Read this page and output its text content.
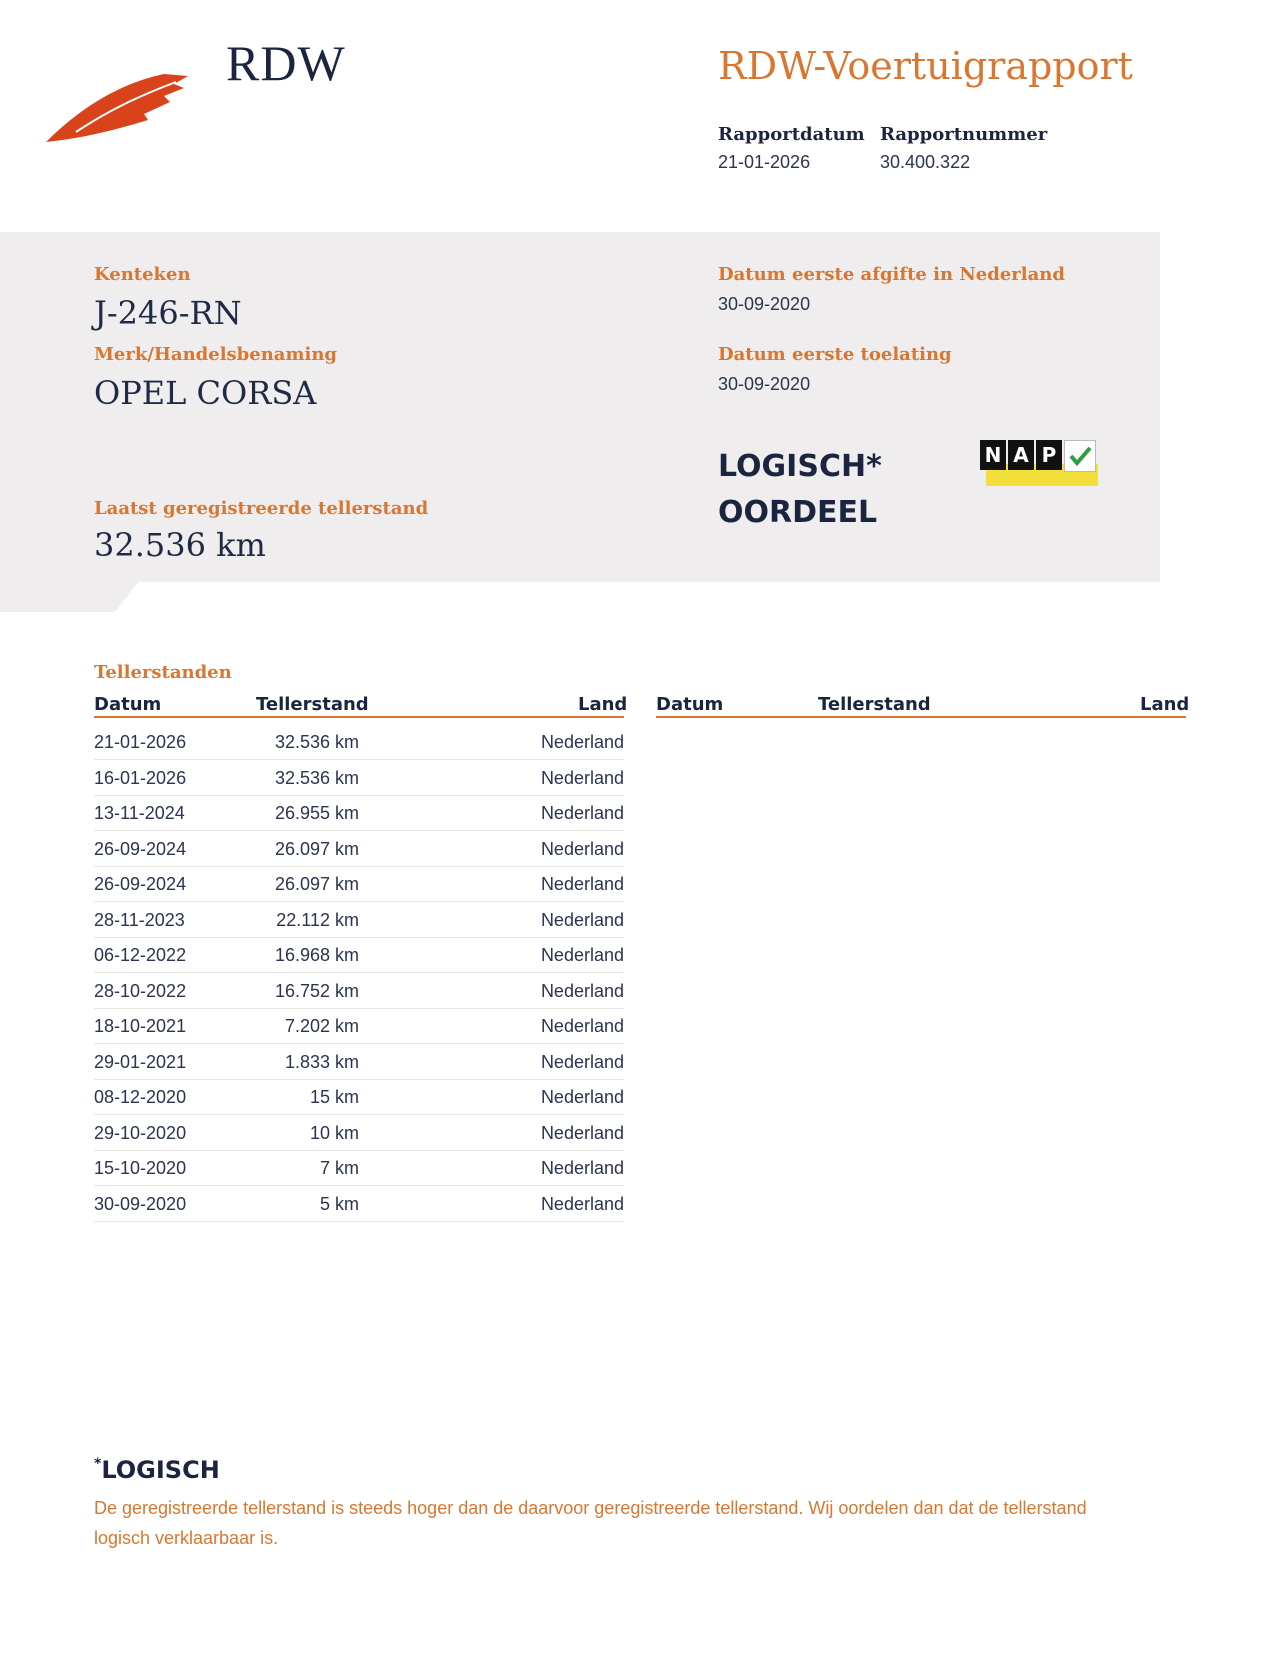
RDW	RDW-Voertuigrapport
Rapportdatum
21-01-2026
Rapportnummer
30.400.322
Kenteken
J-246-RN
Merk/Handelsbenaming
OPEL CORSA
Laatst geregistreerde tellerstand
32.536 km
Datum eerste afgifte in Nederland
30-09-2020
Datum eerste toelating
30-09-2020
LOGISCH*
OORDEEL
N A P
Tellerstanden
Datum	Tellerstand	Land Datum	Tellerstand	Land
21-01-2026	32.536 km	Nederland
16-01-2026	32.536 km	Nederland
13-11-2024	26.955 km	Nederland
26-09-2024	26.097 km	Nederland
26-09-2024	26.097 km	Nederland
28-11-2023	22.112 km	Nederland
06-12-2022	16.968 km	Nederland
28-10-2022	16.752 km	Nederland
18-10-2021	7.202 km	Nederland
29-01-2021	1.833 km	Nederland
08-12-2020	15 km	Nederland
29-10-2020	10 km	Nederland
15-10-2020	7 km	Nederland
30-09-2020	5 km	Nederland
*LOGISCH
De geregistreerde tellerstand is steeds hoger dan de daarvoor geregistreerde tellerstand. Wij oordelen dan dat de tellerstand logisch verklaarbaar is.
